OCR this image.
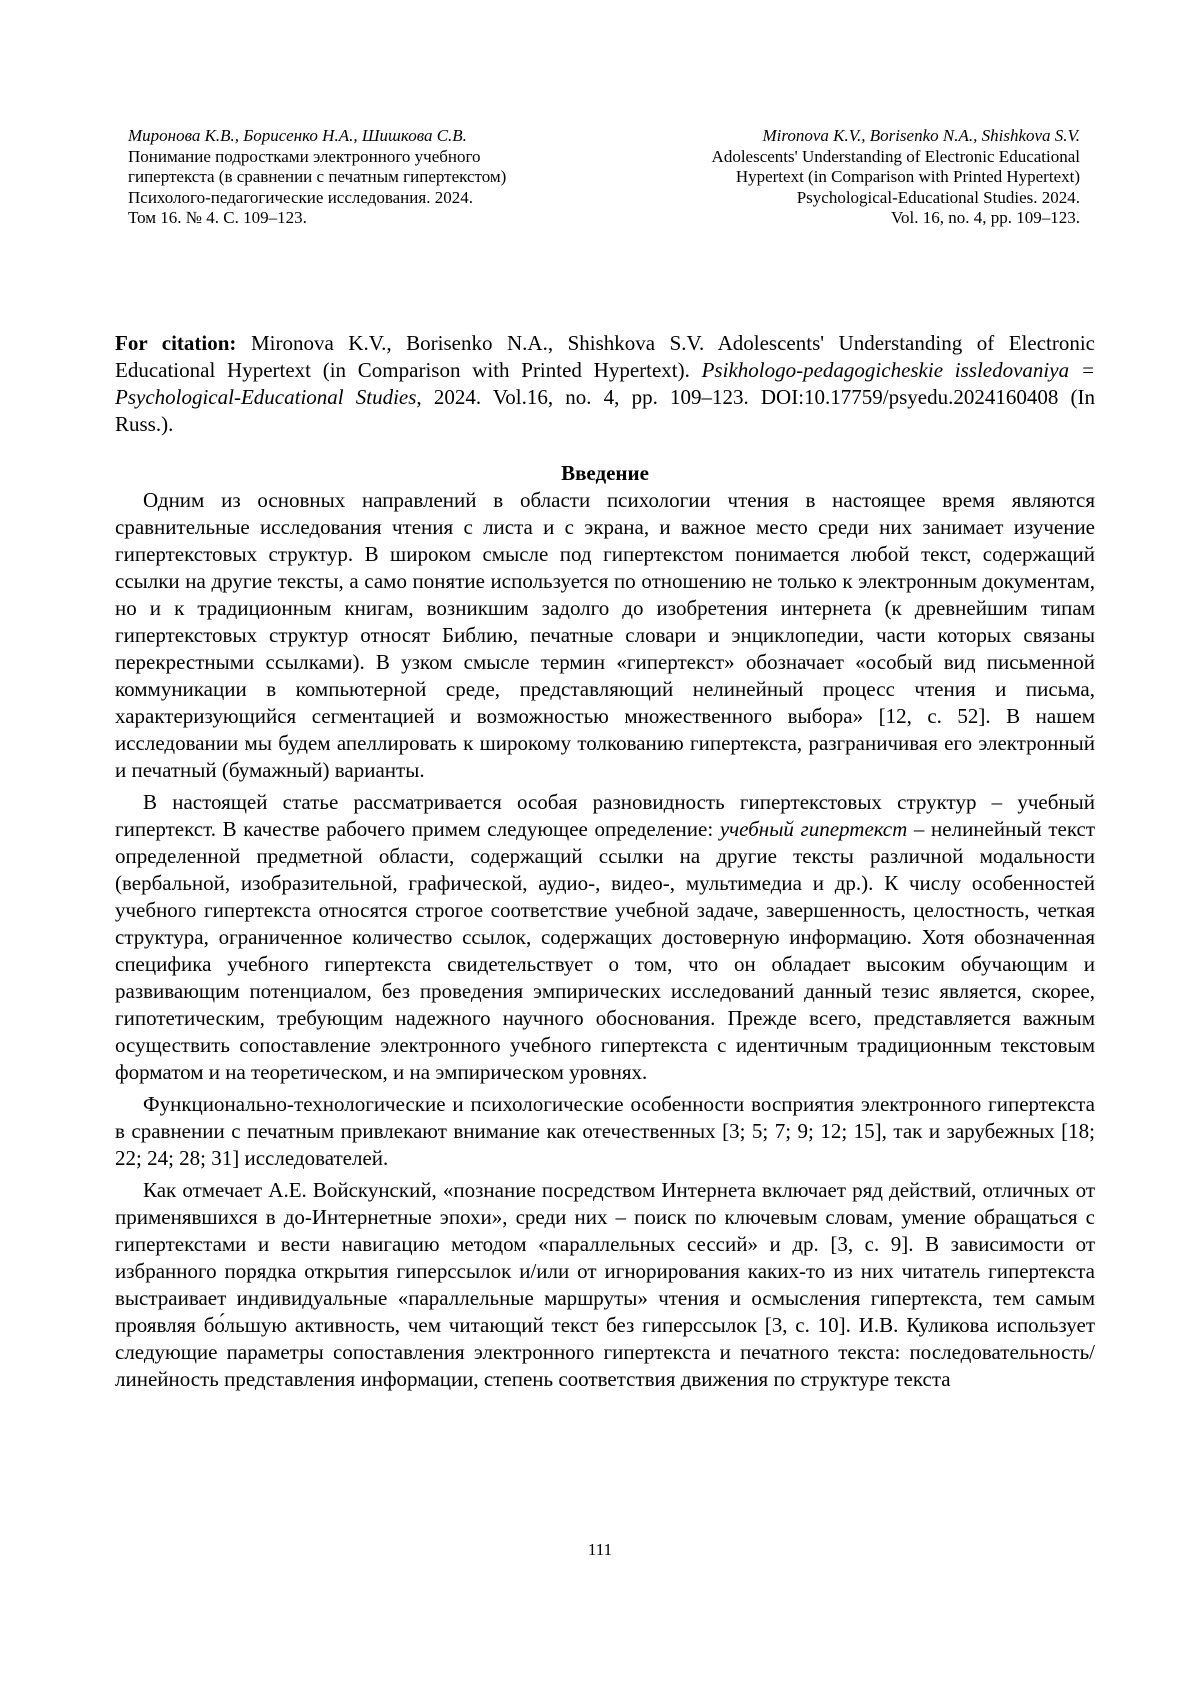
Миронова К.В., Борисенко Н.А., Шишкова С.В.
Понимание подростками электронного учебного
гипертекста (в сравнении с печатным гипертекстом)
Психолого-педагогические исследования. 2024.
Том 16. № 4. С. 109–123.
Mironova K.V., Borisenko N.A., Shishkova S.V.
Adolescents' Understanding of Electronic Educational
Hypertext (in Comparison with Printed Hypertext)
Psychological-Educational Studies. 2024.
Vol. 16, no. 4, pp. 109–123.

For citation: Mironova K.V., Borisenko N.A., Shishkova S.V. Adolescents' Understanding of Electronic Educational Hypertext (in Comparison with Printed Hypertext). Psikhologo-pedagogicheskie issledovaniya = Psychological-Educational Studies, 2024. Vol.16, no. 4, pp. 109–123. DOI:10.17759/psyedu.2024160408 (In Russ.).

Введение

Одним из основных направлений в области психологии чтения в настоящее время являются сравнительные исследования чтения с листа и с экрана, и важное место среди них занимает изучение гипертекстовых структур. В широком смысле под гипертекстом понимается любой текст, содержащий ссылки на другие тексты, а само понятие используется по отношению не только к электронным документам, но и к традиционным книгам, возникшим задолго до изобретения интернета (к древнейшим типам гипертекстовых структур относят Библию, печатные словари и энциклопедии, части которых связаны перекрестными ссылками). В узком смысле термин «гипертекст» обозначает «особый вид письменной коммуникации в компьютерной среде, представляющий нелинейный процесс чтения и письма, характеризующийся сегментацией и возможностью множественного выбора» [12, с. 52]. В нашем исследовании мы будем апеллировать к широкому толкованию гипертекста, разграничивая его электронный и печатный (бумажный) варианты.

В настоящей статье рассматривается особая разновидность гипертекстовых структур – учебный гипертекст. В качестве рабочего примем следующее определение: учебный гипертекст – нелинейный текст определенной предметной области, содержащий ссылки на другие тексты различной модальности (вербальной, изобразительной, графической, аудио-, видео-, мультимедиа и др.). К числу особенностей учебного гипертекста относятся строгое соответствие учебной задаче, завершенность, целостность, четкая структура, ограниченное количество ссылок, содержащих достоверную информацию. Хотя обозначенная специфика учебного гипертекста свидетельствует о том, что он обладает высоким обучающим и развивающим потенциалом, без проведения эмпирических исследований данный тезис является, скорее, гипотетическим, требующим надежного научного обоснования. Прежде всего, представляется важным осуществить сопоставление электронного учебного гипертекста с идентичным традиционным текстовым форматом и на теоретическом, и на эмпирическом уровнях.

Функционально-технологические и психологические особенности восприятия электронного гипертекста в сравнении с печатным привлекают внимание как отечественных [3; 5; 7; 9; 12; 15], так и зарубежных [18; 22; 24; 28; 31] исследователей.

Как отмечает А.Е. Войскунский, «познание посредством Интернета включает ряд действий, отличных от применявшихся в до-Интернетные эпохи», среди них – поиск по ключевым словам, умение обращаться с гипертекстами и вести навигацию методом «параллельных сессий» и др. [3, с. 9]. В зависимости от избранного порядка открытия гиперссылок и/или от игнорирования каких-то из них читатель гипертекста выстраивает индивидуальные «параллельные маршруты» чтения и осмысления гипертекста, тем самым проявляя бо́льшую активность, чем читающий текст без гиперссылок [3, с. 10]. И.В. Куликова использует следующие параметры сопоставления электронного гипертекста и печатного текста: последовательность/линейность представления информации, степень соответствия движения по структуре текста

111
